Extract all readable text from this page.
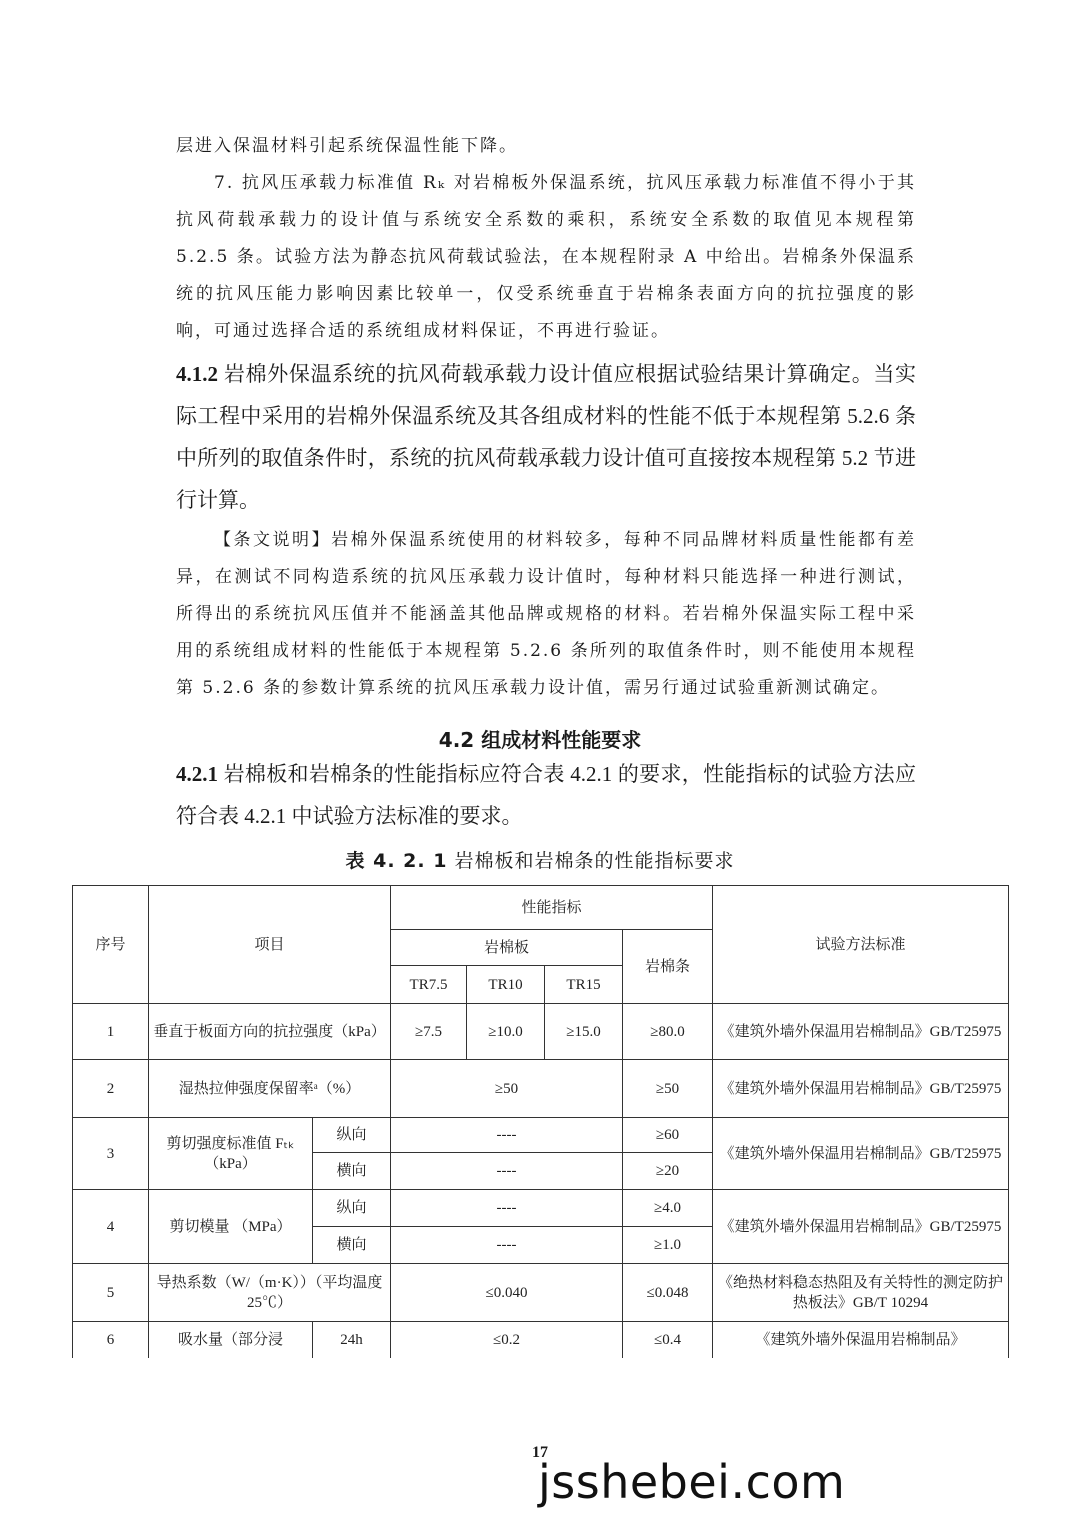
层进入保温材料引起系统保温性能下降。

7. 抗风压承载力标准值 Rₖ 对岩棉板外保温系统，抗风压承载力标准值不得小于其抗风荷载承载力的设计值与系统安全系数的乘积，系统安全系数的取值见本规程第 5.2.5 条。试验方法为静态抗风荷载试验法，在本规程附录 A 中给出。岩棉条外保温系统的抗风压能力影响因素比较单一，仅受系统垂直于岩棉条表面方向的抗拉强度的影响，可通过选择合适的系统组成材料保证，不再进行验证。

4.1.2 岩棉外保温系统的抗风荷载承载力设计值应根据试验结果计算确定。当实际工程中采用的岩棉外保温系统及其各组成材料的性能不低于本规程第 5.2.6 条中所列的取值条件时，系统的抗风荷载承载力设计值可直接按本规程第 5.2 节进行计算。

【条文说明】岩棉外保温系统使用的材料较多，每种不同品牌材料质量性能都有差异，在测试不同构造系统的抗风压承载力设计值时，每种材料只能选择一种进行测试，所得出的系统抗风压值并不能涵盖其他品牌或规格的材料。若岩棉外保温实际工程中采用的系统组成材料的性能低于本规程第 5.2.6 条所列的取值条件时，则不能使用本规程第 5.2.6 条的参数计算系统的抗风压承载力设计值，需另行通过试验重新测试确定。

4.2 组成材料性能要求

4.2.1 岩棉板和岩棉条的性能指标应符合表 4.2.1 的要求，性能指标的试验方法应符合表 4.2.1 中试验方法标准的要求。

表 4. 2. 1 岩棉板和岩棉条的性能指标要求

序号	项目		性能指标				试验方法标准
			岩棉板			岩棉条	
			TR7.5	TR10	TR15		
1	垂直于板面方向的抗拉强度（kPa）		≥7.5	≥10.0	≥15.0	≥80.0	《建筑外墙外保温用岩棉制品》GB/T25975
2	湿热拉伸强度保留率ᵃ（%）		≥50			≥50	《建筑外墙外保温用岩棉制品》GB/T25975
3	剪切强度标准值 Fₜₖ（kPa）	纵向	----			≥60	《建筑外墙外保温用岩棉制品》GB/T25975
		横向	----			≥20	
4	剪切模量 （MPa）	纵向	----			≥4.0	《建筑外墙外保温用岩棉制品》GB/T25975
		横向	----			≥1.0	
5	导热系数（W/（m·K））（平均温度 25℃）		≤0.040			≤0.048	《绝热材料稳态热阻及有关特性的测定防护热板法》GB/T 10294
6	吸水量（部分浸	24h	≤0.2			≤0.4	《建筑外墙外保温用岩棉制品》

17

jsshebei.com
